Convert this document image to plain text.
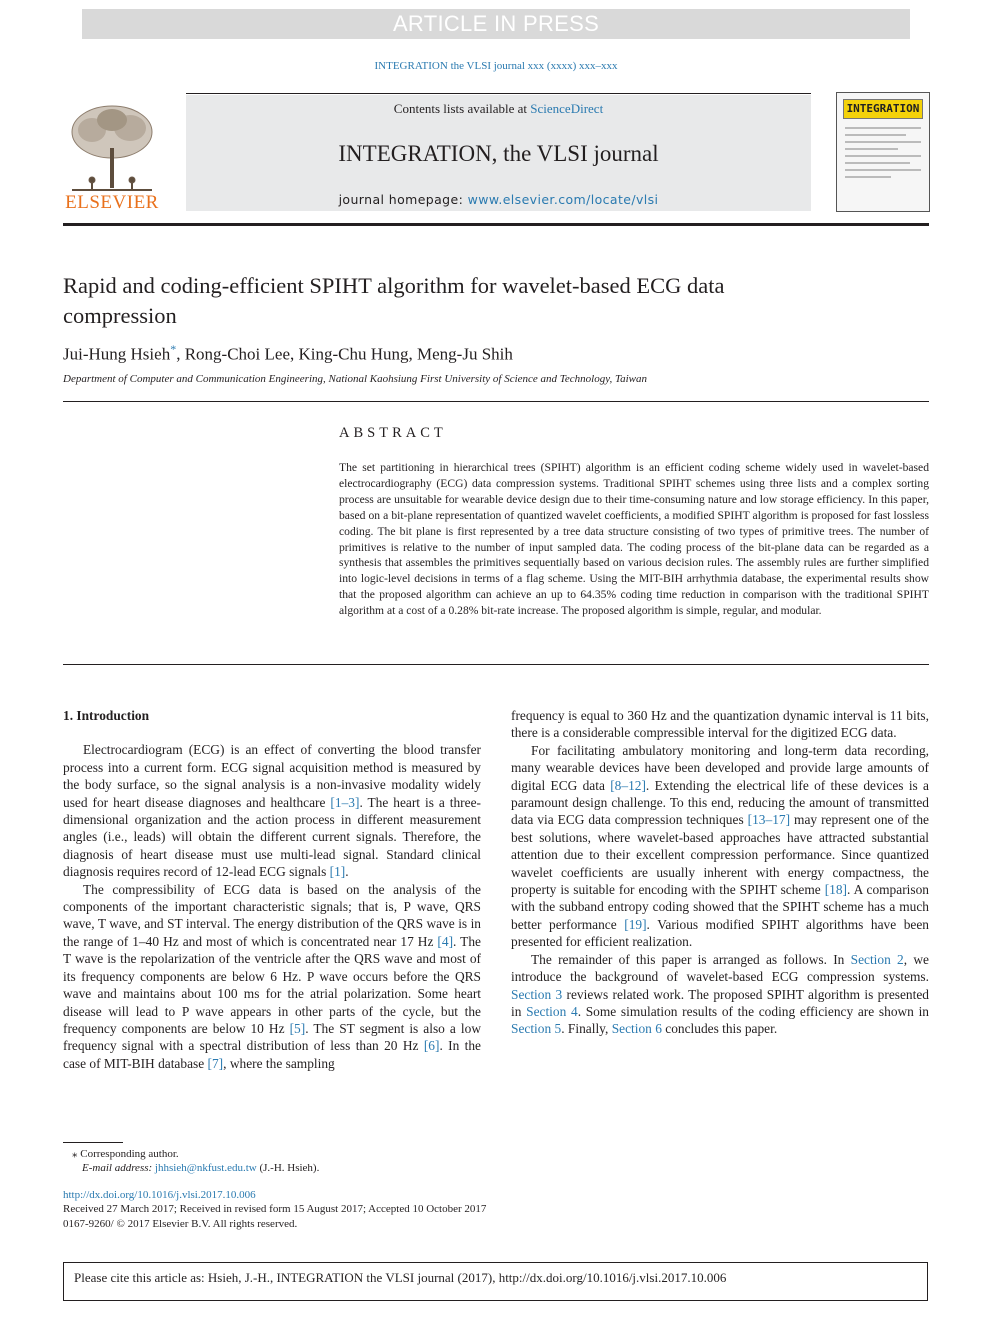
ARTICLE IN PRESS
INTEGRATION the VLSI journal xxx (xxxx) xxx–xxx
Contents lists available at ScienceDirect
INTEGRATION, the VLSI journal
journal homepage: www.elsevier.com/locate/vlsi
ELSEVIER
INTEGRATION
Rapid and coding-efficient SPIHT algorithm for wavelet-based ECG data
compression
Jui-Hung Hsieh*, Rong-Choi Lee, King-Chu Hung, Meng-Ju Shih
Department of Computer and Communication Engineering, National Kaohsiung First University of Science and Technology, Taiwan
ABSTRACT
The set partitioning in hierarchical trees (SPIHT) algorithm is an efficient coding scheme widely used in wavelet-based electrocardiography (ECG) data compression systems. Traditional SPIHT schemes using three lists and a complex sorting process are unsuitable for wearable device design due to their time-consuming nature and low storage efficiency. In this paper, based on a bit-plane representation of quantized wavelet coefficients, a modified SPIHT algorithm is proposed for fast lossless coding. The bit plane is first represented by a tree data structure consisting of two types of primitive trees. The number of primitives is relative to the number of input sampled data. The coding process of the bit-plane data can be regarded as a synthesis that assembles the primitives sequentially based on various decision rules. The assembly rules are further simplified into logic-level decisions in terms of a flag scheme. Using the MIT-BIH arrhythmia database, the experimental results show that the proposed algorithm can achieve an up to 64.35% coding time reduction in comparison with the traditional SPIHT algorithm at a cost of a 0.28% bit-rate increase. The proposed algorithm is simple, regular, and modular.
1. Introduction

Electrocardiogram (ECG) is an effect of converting the blood transfer process into a current form. ECG signal acquisition method is measured by the body surface, so the signal analysis is a non-invasive modality widely used for heart disease diagnoses and healthcare [1–3]. The heart is a three-dimensional organization and the action process in different measurement angles (i.e., leads) will obtain the different current signals. Therefore, the diagnosis of heart disease must use multi-lead signal. Standard clinical diagnosis requires record of 12-lead ECG signals [1].

The compressibility of ECG data is based on the analysis of the components of the important characteristic signals; that is, P wave, QRS wave, T wave, and ST interval. The energy distribution of the QRS wave is in the range of 1–40 Hz and most of which is concentrated near 17 Hz [4]. The T wave is the repolarization of the ventricle after the QRS wave and most of its frequency components are below 6 Hz. P wave occurs before the QRS wave and maintains about 100 ms for the atrial polarization. Some heart disease will lead to P wave appears in other parts of the cycle, but the frequency components are below 10 Hz [5]. The ST segment is also a low frequency signal with a spectral distribution of less than 20 Hz [6]. In the case of MIT-BIH database [7], where the sampling

frequency is equal to 360 Hz and the quantization dynamic interval is 11 bits, there is a considerable compressible interval for the digitized ECG data.

For facilitating ambulatory monitoring and long-term data recording, many wearable devices have been developed and provide large amounts of digital ECG data [8–12]. Extending the electrical life of these devices is a paramount design challenge. To this end, reducing the amount of transmitted data via ECG data compression techniques [13–17] may represent one of the best solutions, where wavelet-based approaches have attracted substantial attention due to their excellent compression performance. Since quantized wavelet coefficients are usually inherent with energy compactness, the property is suitable for encoding with the SPIHT scheme [18]. A comparison with the subband entropy coding showed that the SPIHT scheme has a much better performance [19]. Various modified SPIHT algorithms have been presented for efficient realization.

The remainder of this paper is arranged as follows. In Section 2, we introduce the background of wavelet-based ECG compression systems. Section 3 reviews related work. The proposed SPIHT algorithm is presented in Section 4. Some simulation results of the coding efficiency are shown in Section 5. Finally, Section 6 concludes this paper.

⁎ Corresponding author.
E-mail address: jhhsieh@nkfust.edu.tw (J.-H. Hsieh).
http://dx.doi.org/10.1016/j.vlsi.2017.10.006
Received 27 March 2017; Received in revised form 15 August 2017; Accepted 10 October 2017
0167-9260/ © 2017 Elsevier B.V. All rights reserved.
Please cite this article as: Hsieh, J.-H., INTEGRATION the VLSI journal (2017), http://dx.doi.org/10.1016/j.vlsi.2017.10.006
